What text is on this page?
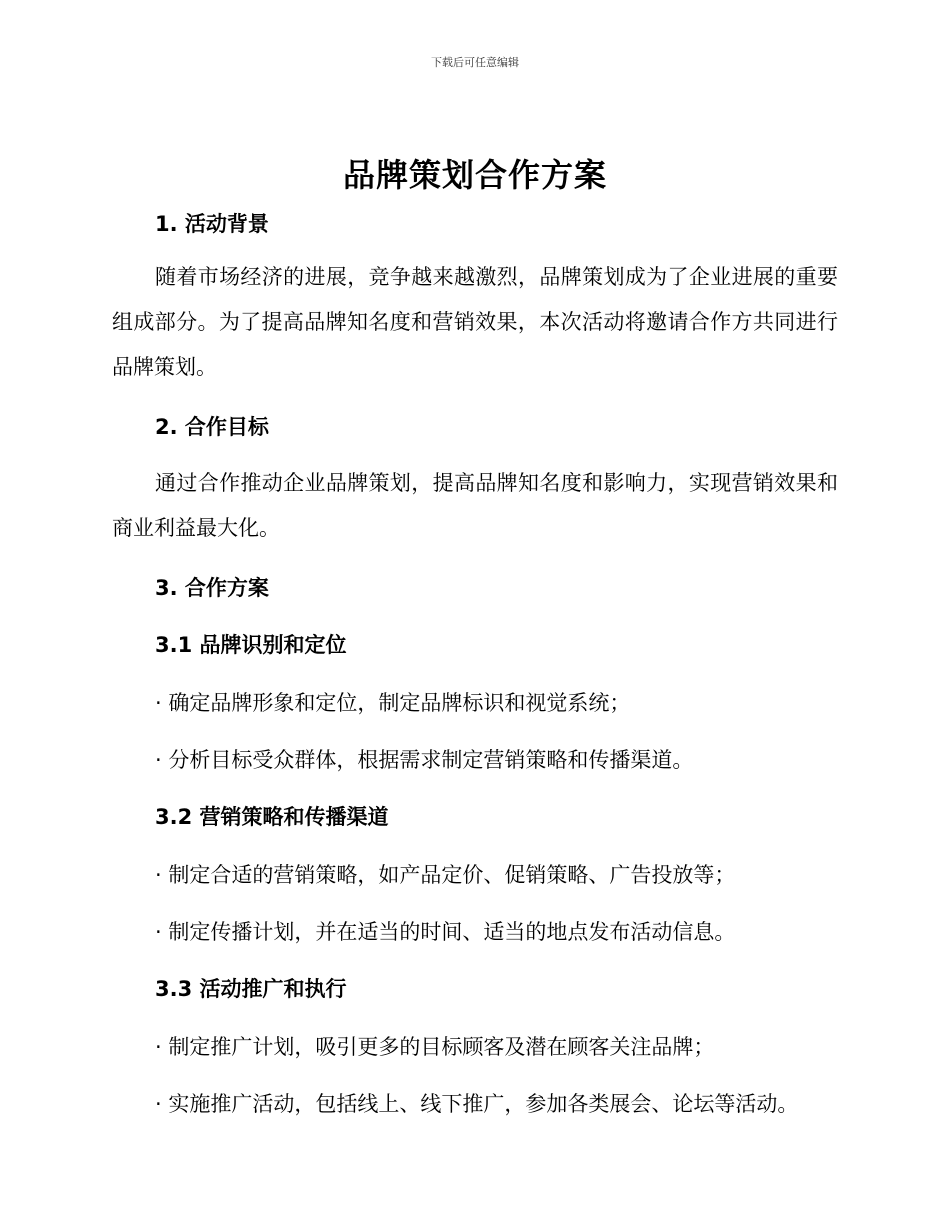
下载后可任意编辑
品牌策划合作方案
1. 活动背景
随着市场经济的进展，竞争越来越激烈，品牌策划成为了企业进展的重要组成部分。为了提高品牌知名度和营销效果，本次活动将邀请合作方共同进行品牌策划。
2. 合作目标
通过合作推动企业品牌策划，提高品牌知名度和影响力，实现营销效果和商业利益最大化。
3. 合作方案
3.1 品牌识别和定位
· 确定品牌形象和定位，制定品牌标识和视觉系统；
· 分析目标受众群体，根据需求制定营销策略和传播渠道。
3.2 营销策略和传播渠道
· 制定合适的营销策略，如产品定价、促销策略、广告投放等；
· 制定传播计划，并在适当的时间、适当的地点发布活动信息。
3.3 活动推广和执行
· 制定推广计划，吸引更多的目标顾客及潜在顾客关注品牌；
· 实施推广活动，包括线上、线下推广，参加各类展会、论坛等活动。
